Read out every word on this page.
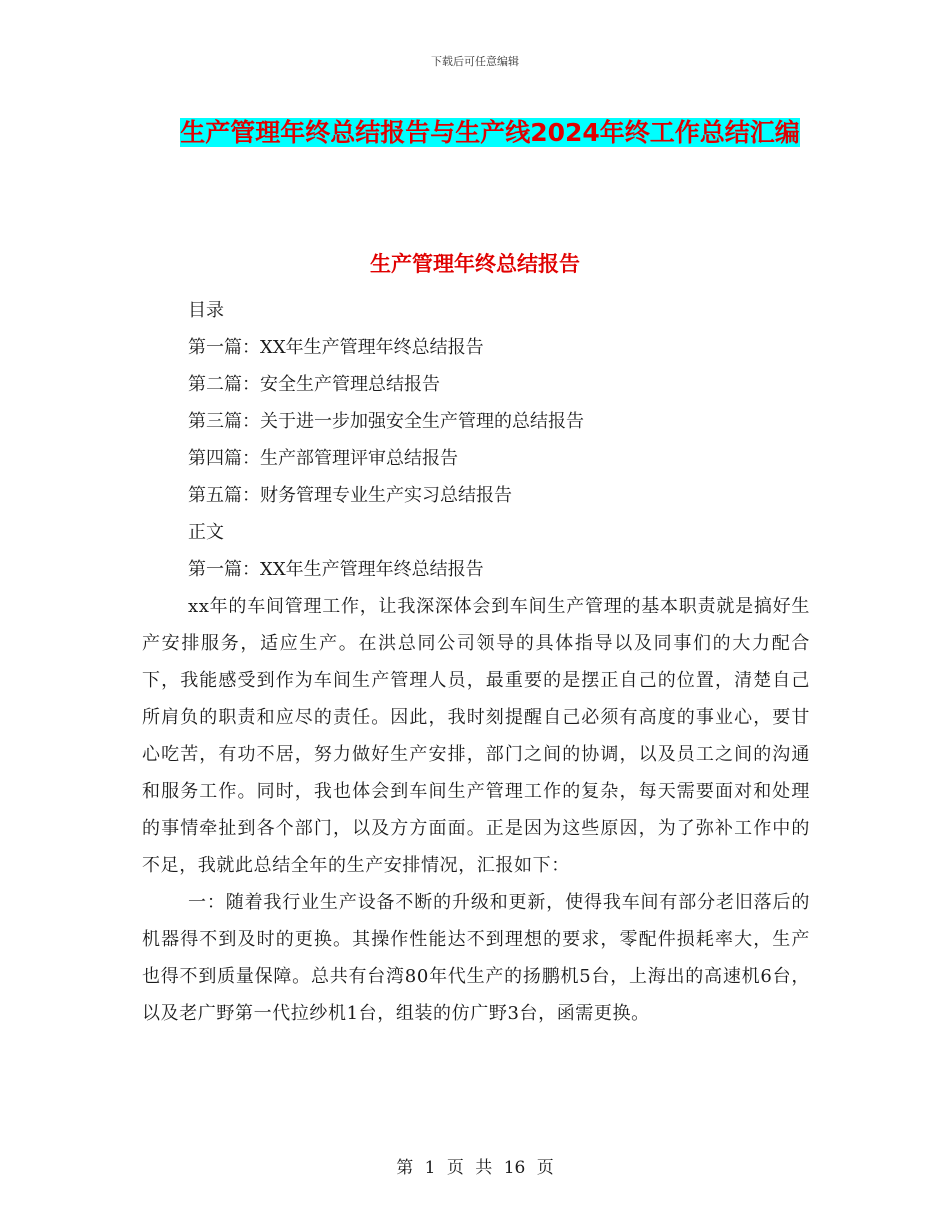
下载后可任意编辑
生产管理年终总结报告与生产线2024年终工作总结汇编
生产管理年终总结报告
目录
第一篇：XX年生产管理年终总结报告
第二篇：安全生产管理总结报告
第三篇：关于进一步加强安全生产管理的总结报告
第四篇：生产部管理评审总结报告
第五篇：财务管理专业生产实习总结报告
正文
第一篇：XX年生产管理年终总结报告

xx年的车间管理工作，让我深深体会到车间生产管理的基本职责就是搞好生产安排服务，适应生产。在洪总同公司领导的具体指导以及同事们的大力配合下，我能感受到作为车间生产管理人员，最重要的是摆正自己的位置，清楚自己所肩负的职责和应尽的责任。因此，我时刻提醒自己必须有高度的事业心，要甘心吃苦，有功不居，努力做好生产安排，部门之间的协调，以及员工之间的沟通和服务工作。同时，我也体会到车间生产管理工作的复杂，每天需要面对和处理的事情牵扯到各个部门，以及方方面面。正是因为这些原因，为了弥补工作中的不足，我就此总结全年的生产安排情况，汇报如下：

一：随着我行业生产设备不断的升级和更新，使得我车间有部分老旧落后的机器得不到及时的更换。其操作性能达不到理想的要求，零配件损耗率大，生产也得不到质量保障。总共有台湾80年代生产的扬鹏机5台，上海出的高速机6台，以及老广野第一代拉纱机1台，组装的仿广野3台，函需更换。

第 1 页 共 16 页
